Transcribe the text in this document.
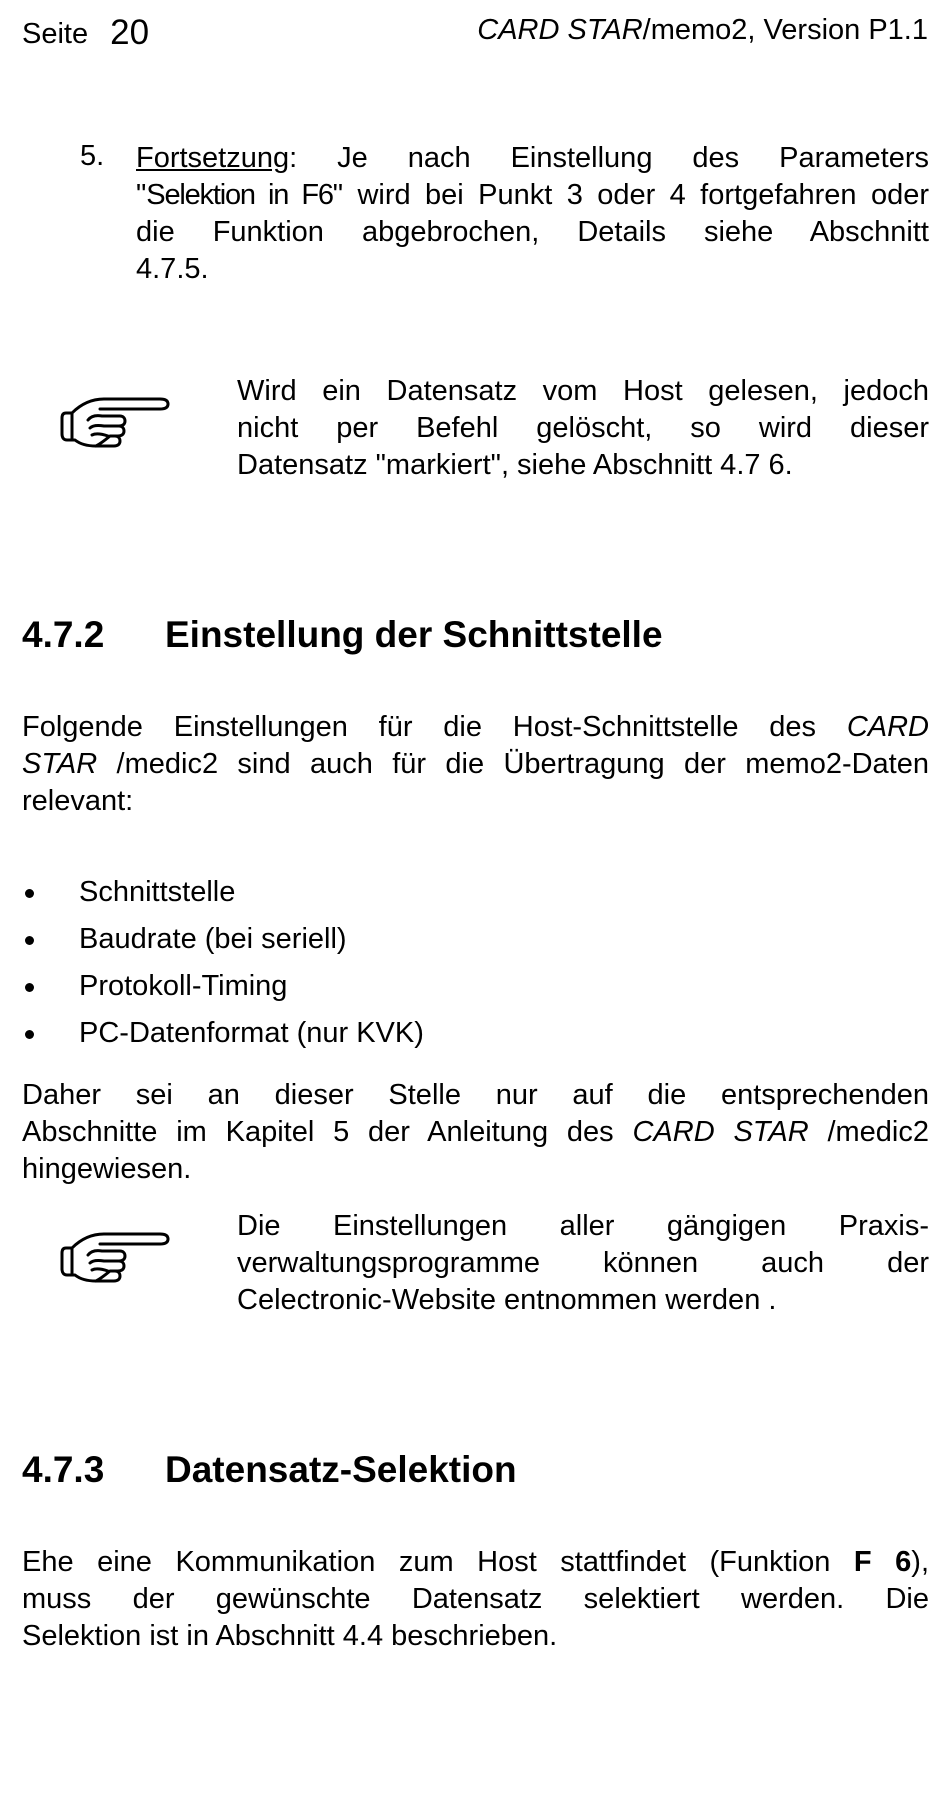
Seite 20	CARD STAR/memo2, Version P1.1
5. Fortsetzung: Je nach Einstellung des Parameters
"Selektion in F6" wird bei Punkt 3 oder 4 fortgefahren oder
die Funktion abgebrochen, Details siehe Abschnitt
4.7.5.
Wird ein Datensatz vom Host gelesen, jedoch
nicht per Befehl gelöscht, so wird dieser
Datensatz "markiert", siehe Abschnitt 4.7 6.
4.7.2 Einstellung der Schnittstelle
Folgende Einstellungen für die Host-Schnittstelle des CARD
STAR /medic2 sind auch für die Übertragung der memo2-Daten
relevant:
Schnittstelle
Baudrate (bei seriell)
Protokoll-Timing
PC-Datenformat (nur KVK)
Daher sei an dieser Stelle nur auf die entsprechenden
Abschnitte im Kapitel 5 der Anleitung des CARD STAR /medic2
hingewiesen.
Die Einstellungen aller gängigen Praxis-
verwaltungsprogramme können auch der
Celectronic-Website entnommen werden .
4.7.3 Datensatz-Selektion
Ehe eine Kommunikation zum Host stattfindet (Funktion F 6),
muss der gewünschte Datensatz selektiert werden. Die
Selektion ist in Abschnitt 4.4 beschrieben.
